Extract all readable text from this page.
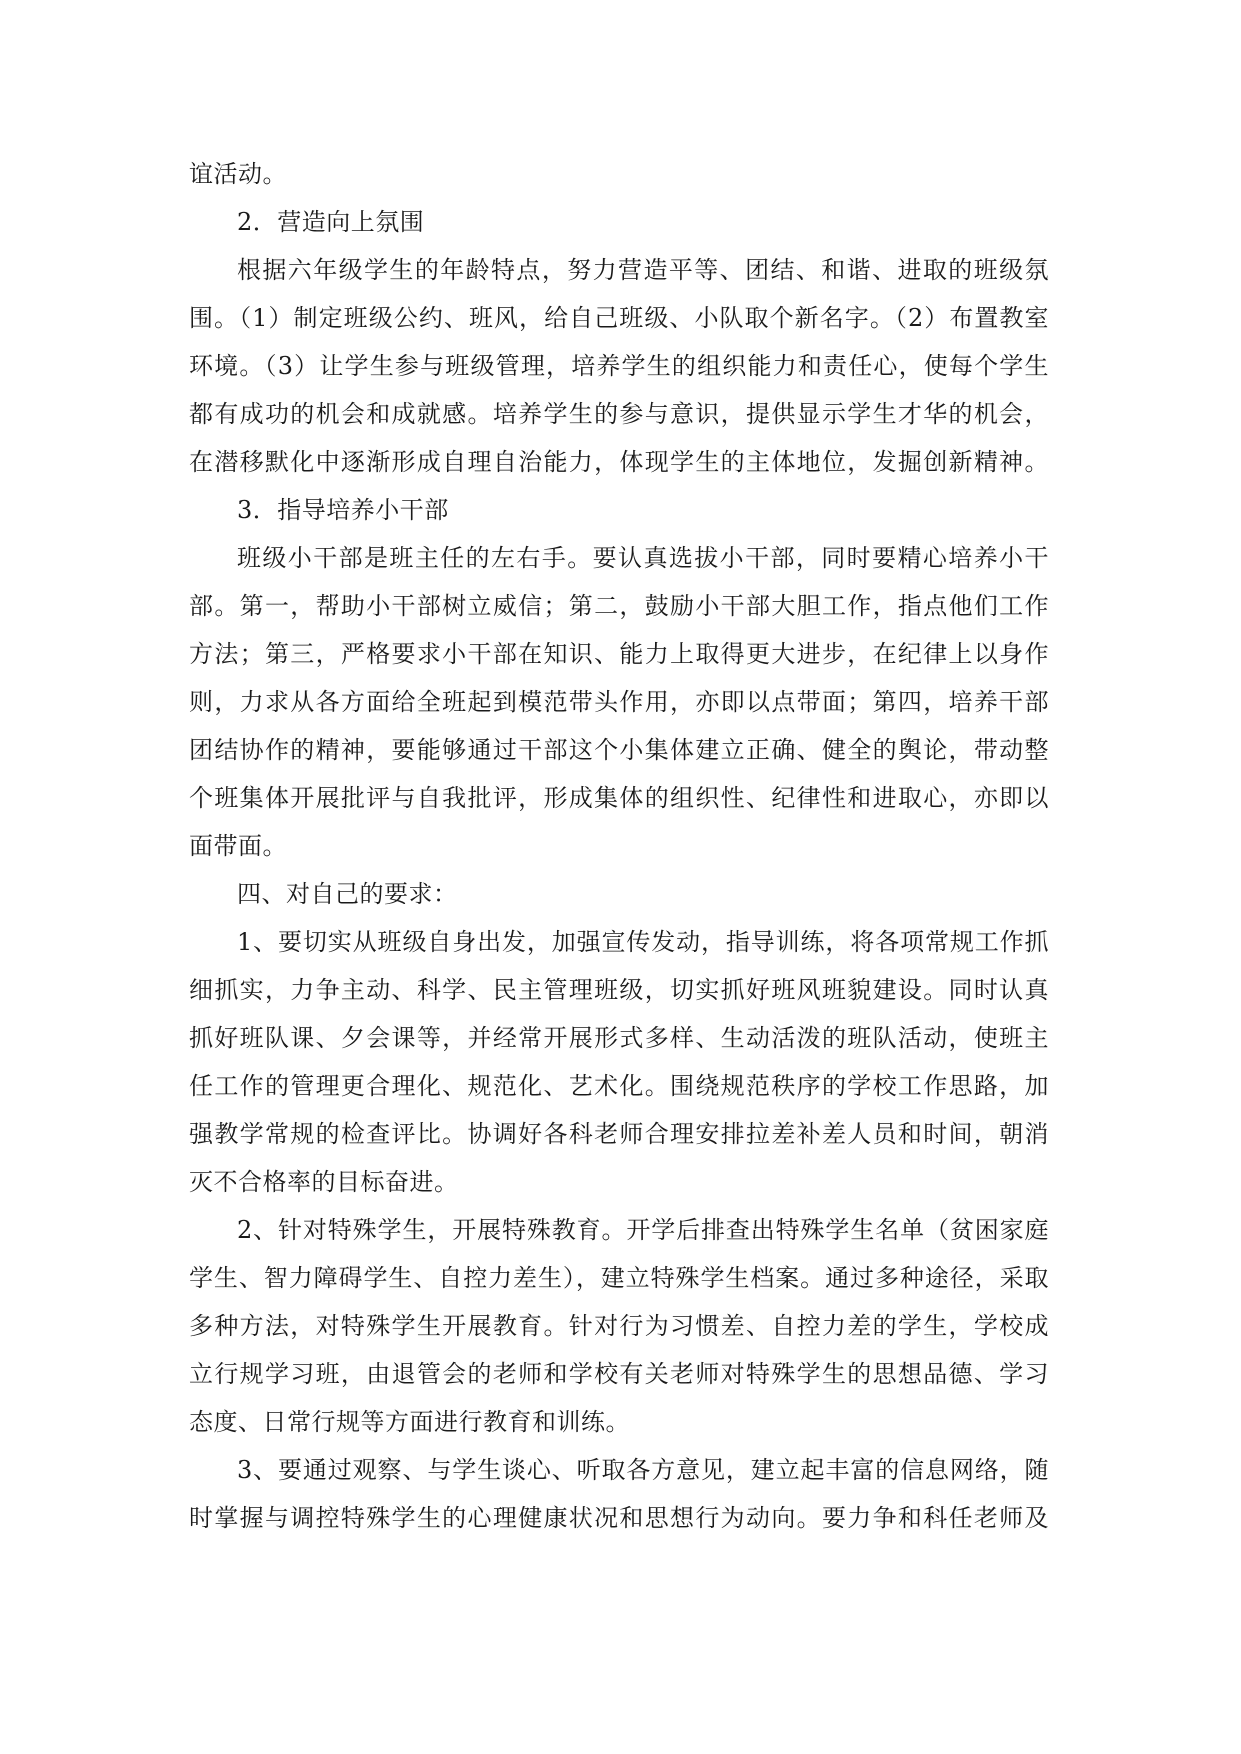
谊活动。
2．营造向上氛围
根据六年级学生的年龄特点，努力营造平等、团结、和谐、进取的班级氛
围。（1）制定班级公约、班风，给自己班级、小队取个新名字。（2）布置教室
环境。（3）让学生参与班级管理，培养学生的组织能力和责任心，使每个学生
都有成功的机会和成就感。培养学生的参与意识，提供显示学生才华的机会，
在潜移默化中逐渐形成自理自治能力，体现学生的主体地位，发掘创新精神。
3．指导培养小干部
班级小干部是班主任的左右手。要认真选拔小干部，同时要精心培养小干
部。第一，帮助小干部树立威信；第二，鼓励小干部大胆工作，指点他们工作
方法；第三，严格要求小干部在知识、能力上取得更大进步，在纪律上以身作
则，力求从各方面给全班起到模范带头作用，亦即以点带面；第四，培养干部
团结协作的精神，要能够通过干部这个小集体建立正确、健全的舆论，带动整
个班集体开展批评与自我批评，形成集体的组织性、纪律性和进取心，亦即以
面带面。
四、对自己的要求：
1、要切实从班级自身出发，加强宣传发动，指导训练，将各项常规工作抓
细抓实，力争主动、科学、民主管理班级，切实抓好班风班貌建设。同时认真
抓好班队课、夕会课等，并经常开展形式多样、生动活泼的班队活动，使班主
任工作的管理更合理化、规范化、艺术化。围绕规范秩序的学校工作思路，加
强教学常规的检查评比。协调好各科老师合理安排拉差补差人员和时间，朝消
灭不合格率的目标奋进。
2、针对特殊学生，开展特殊教育。开学后排查出特殊学生名单（贫困家庭
学生、智力障碍学生、自控力差生），建立特殊学生档案。通过多种途径，采取
多种方法，对特殊学生开展教育。针对行为习惯差、自控力差的学生，学校成
立行规学习班，由退管会的老师和学校有关老师对特殊学生的思想品德、学习
态度、日常行规等方面进行教育和训练。
3、要通过观察、与学生谈心、听取各方意见，建立起丰富的信息网络，随
时掌握与调控特殊学生的心理健康状况和思想行为动向。要力争和科任老师及
